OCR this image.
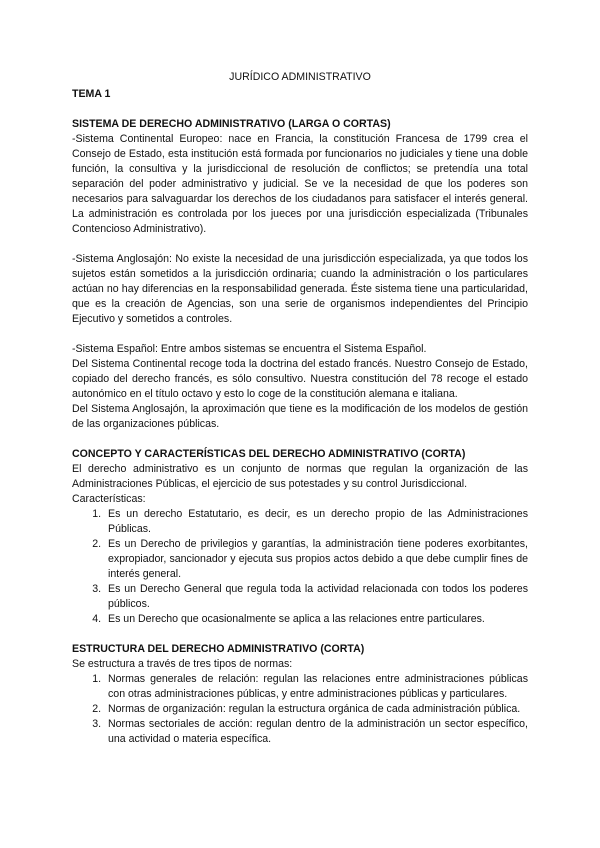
JURÍDICO ADMINISTRATIVO
TEMA 1
SISTEMA DE DERECHO ADMINISTRATIVO (LARGA O CORTAS)

-Sistema Continental Europeo: nace en Francia, la constitución Francesa de 1799 crea el Consejo de Estado, esta institución está formada por funcionarios no judiciales y tiene una doble función, la consultiva y la jurisdiccional de resolución de conflictos; se pretendía una total separación del poder administrativo y judicial. Se ve la necesidad de que los poderes son necesarios para salvaguardar los derechos de los ciudadanos para satisfacer el interés general. La administración es controlada por los jueces por una jurisdicción especializada (Tribunales Contencioso Administrativo).

-Sistema Anglosajón: No existe la necesidad de una jurisdicción especializada, ya que todos los sujetos están sometidos a la jurisdicción ordinaria; cuando la administración o los particulares actúan no hay diferencias en la responsabilidad generada. Éste sistema tiene una particularidad, que es la creación de Agencias, son una serie de organismos independientes del Principio Ejecutivo y sometidos a controles.

-Sistema Español: Entre ambos sistemas se encuentra el Sistema Español.

Del Sistema Continental recoge toda la doctrina del estado francés. Nuestro Consejo de Estado, copiado del derecho francés, es sólo consultivo. Nuestra constitución del 78 recoge el estado autonómico en el título octavo y esto lo coge de la constitución alemana e italiana.

Del Sistema Anglosajón, la aproximación que tiene es la modificación de los modelos de gestión de las organizaciones públicas.

CONCEPTO Y CARACTERÍSTICAS DEL DERECHO ADMINISTRATIVO (CORTA)

El derecho administrativo es un conjunto de normas que regulan la organización de las Administraciones Públicas, el ejercicio de sus potestades y su control Jurisdiccional.

Características:

1. Es un derecho Estatutario, es decir, es un derecho propio de las Administraciones Públicas.
2. Es un Derecho de privilegios y garantías, la administración tiene poderes exorbitantes, expropiador, sancionador y ejecuta sus propios actos debido a que debe cumplir fines de interés general.
3. Es un Derecho General que regula toda la actividad relacionada con todos los poderes públicos.
4. Es un Derecho que ocasionalmente se aplica a las relaciones entre particulares.
ESTRUCTURA DEL DERECHO ADMINISTRATIVO (CORTA)

Se estructura a través de tres tipos de normas:

1. Normas generales de relación: regulan las relaciones entre administraciones públicas con otras administraciones públicas, y entre administraciones públicas y particulares.
2. Normas de organización: regulan la estructura orgánica de cada administración pública.
3. Normas sectoriales de acción: regulan dentro de la administración un sector específico, una actividad o materia específica.
